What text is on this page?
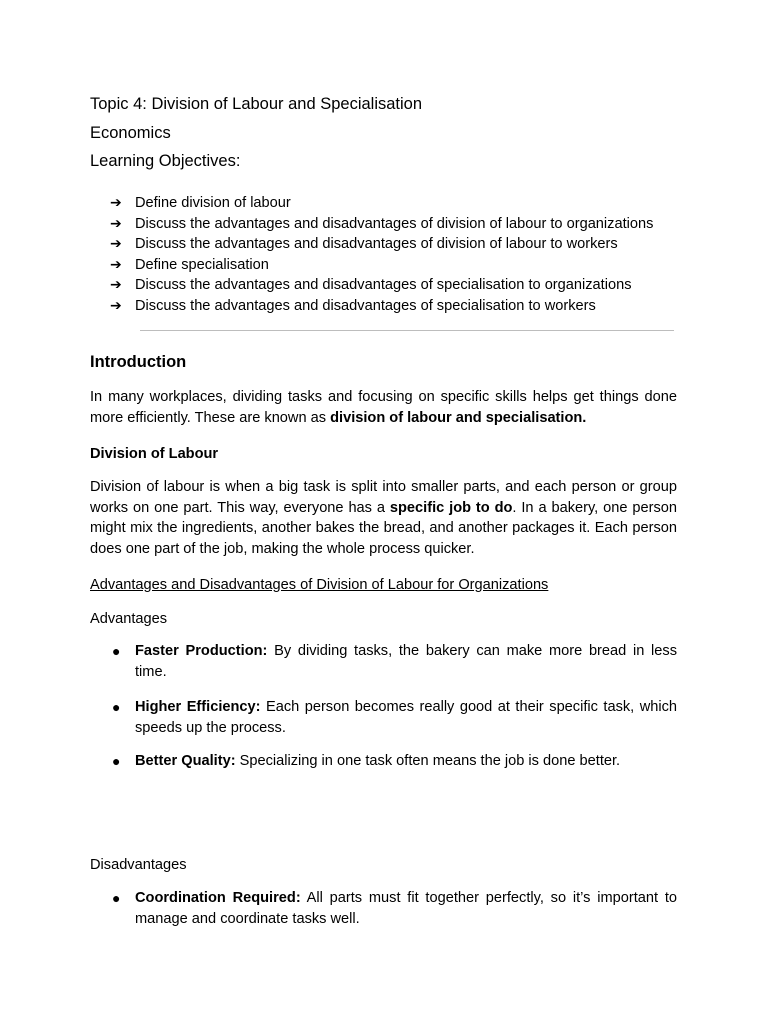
Topic 4: Division of Labour and Specialisation
Economics
Learning Objectives:
➔ Define division of labour
➔ Discuss the advantages and disadvantages of division of labour to organizations
➔ Discuss the advantages and disadvantages of division of labour to workers
➔ Define specialisation
➔ Discuss the advantages and disadvantages of specialisation to organizations
➔ Discuss the advantages and disadvantages of specialisation to workers
Introduction
In many workplaces, dividing tasks and focusing on specific skills helps get things done more efficiently. These are known as division of labour and specialisation.
Division of Labour
Division of labour is when a big task is split into smaller parts, and each person or group works on one part. This way, everyone has a specific job to do. In a bakery, one person might mix the ingredients, another bakes the bread, and another packages it. Each person does one part of the job, making the whole process quicker.
Advantages and Disadvantages of Division of Labour for Organizations
Advantages
● Faster Production: By dividing tasks, the bakery can make more bread in less time.
● Higher Efficiency: Each person becomes really good at their specific task, which speeds up the process.
● Better Quality: Specializing in one task often means the job is done better.
Disadvantages
● Coordination Required: All parts must fit together perfectly, so it’s important to manage and coordinate tasks well.
